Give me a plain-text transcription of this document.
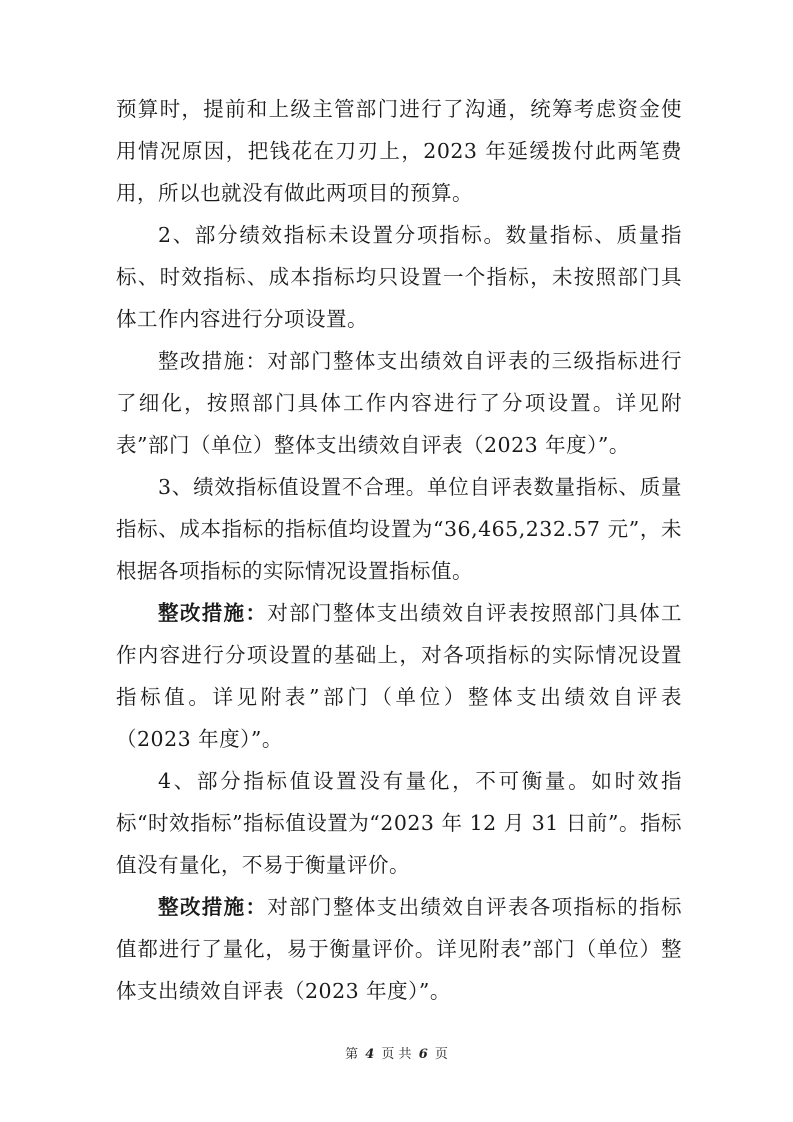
预算时，提前和上级主管部门进行了沟通，统筹考虑资金使用情况原因，把钱花在刀刃上，2023 年延缓拨付此两笔费用，所以也就没有做此两项目的预算。

2、部分绩效指标未设置分项指标。数量指标、质量指标、时效指标、成本指标均只设置一个指标，未按照部门具体工作内容进行分项设置。

整改措施：对部门整体支出绩效自评表的三级指标进行了细化，按照部门具体工作内容进行了分项设置。详见附表”部门（单位）整体支出绩效自评表（2023 年度）”。

3、绩效指标值设置不合理。单位自评表数量指标、质量指标、成本指标的指标值均设置为“36,465,232.57 元”，未根据各项指标的实际情况设置指标值。

整改措施：对部门整体支出绩效自评表按照部门具体工作内容进行分项设置的基础上，对各项指标的实际情况设置指标值。详见附表”部门（单位）整体支出绩效自评表（2023 年度）”。

4、部分指标值设置没有量化，不可衡量。如时效指标“时效指标”指标值设置为“2023 年 12 月 31 日前”。指标值没有量化，不易于衡量评价。

整改措施：对部门整体支出绩效自评表各项指标的指标值都进行了量化，易于衡量评价。详见附表”部门（单位）整体支出绩效自评表（2023 年度）”。

第 4 页 共 6 页
